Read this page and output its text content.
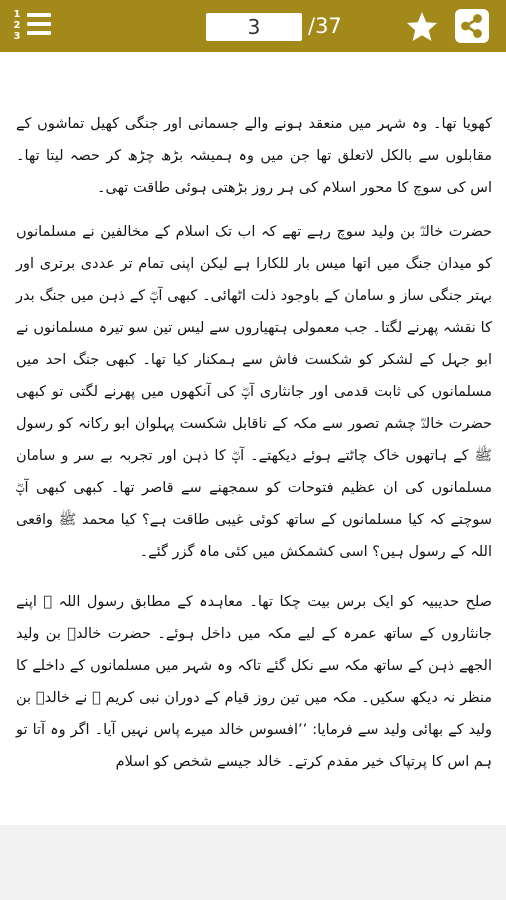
1
2
3
3	/37

کھویا تھا۔ وہ شہر میں منعقد ہونے والے جسمانی اور جنگی کھیل تماشوں کے مقابلوں سے بالکل لاتعلق تھا جن میں وہ ہمیشہ بڑھ چڑھ کر حصہ لیتا تھا۔ اس کی سوچ کا محور اسلام کی ہر روز بڑھتی ہوئی طاقت تھی۔

حضرت خالدؓ بن ولید سوچ رہے تھے کہ اب تک اسلام کے مخالفین نے مسلمانوں کو میدان جنگ میں اتھا میس بار للکارا ہے لیکن اپنی تمام تر عددی برتری اور بہتر جنگی ساز و سامان کے باوجود ذلت اٹھائی۔ کبھی آپؓ کے ذہن میں جنگ بدر کا نقشہ پھرنے لگتا۔ جب معمولی ہتھیاروں سے لیس تین سو تیرہ مسلمانوں نے ابو جہل کے لشکر کو شکست فاش سے ہمکنار کیا تھا۔ کبھی جنگ احد میں مسلمانوں کی ثابت قدمی اور جانثاری آپؓ کی آنکھوں میں پھرنے لگتی تو کبھی حضرت خالدؓ چشم تصور سے مکہ کے ناقابل شکست پہلوان ابو رکانہ کو رسول ﷺ کے ہاتھوں خاک چاٹتے ہوئے دیکھتے۔ آپؓ کا ذہن اور تجربہ بے سر و سامان مسلمانوں کی ان عظیم فتوحات کو سمجھنے سے قاصر تھا۔ کبھی کبھی آپؓ سوچتے کہ کیا مسلمانوں کے ساتھ کوئی غیبی طاقت ہے؟ کیا محمد ﷺ واقعی اللہ کے رسول ہیں؟ اسی کشمکش میں کئی ماہ گزر گئے۔

صلح حدیبیہ کو ایک برس بیت چکا تھا۔ معاہدہ کے مطابق رسول اللہ ﷺ اپنے جانثاروں کے ساتھ عمرہ کے لیے مکہ میں داخل ہوئے۔ حضرت خالدؓ بن ولید الجھے ذہن کے ساتھ مکہ سے نکل گئے تاکہ وہ شہر میں مسلمانوں کے داخلے کا منظر نہ دیکھ سکیں۔ مکہ میں تین روز قیام کے دوران نبی کریم ﷺ نے خالدؓ بن ولید کے بھائی ولید سے فرمایا: ’’افسوس خالد میرے پاس نہیں آیا۔ اگر وہ آتا تو ہم اس کا پرتپاک خیر مقدم کرتے۔ خالد جیسے شخص کو اسلام
